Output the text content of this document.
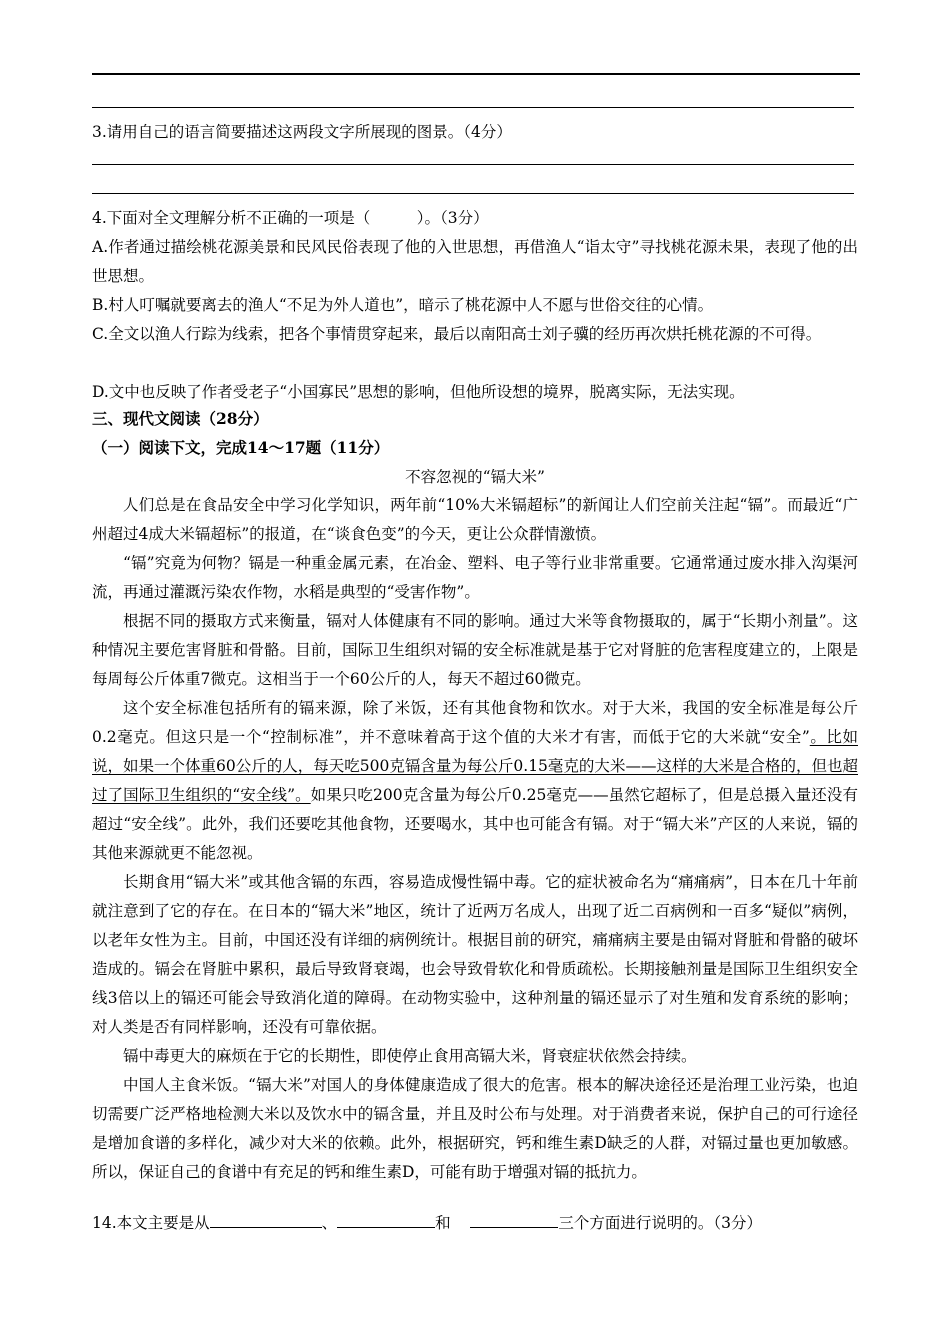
3.请用自己的语言简要描述这两段文字所展现的图景。（4分）
4.下面对全文理解分析不正确的一项是（　　　）。（3分）
A.作者通过描绘桃花源美景和民风民俗表现了他的入世思想，再借渔人“诣太守”寻找桃花源未果，表现了他的出世思想。
B.村人叮嘱就要离去的渔人“不足为外人道也”，暗示了桃花源中人不愿与世俗交往的心情。
C.全文以渔人行踪为线索，把各个事情贯穿起来，最后以南阳高士刘子骥的经历再次烘托桃花源的不可得。
D.文中也反映了作者受老子“小国寡民”思想的影响，但他所设想的境界，脱离实际，无法实现。
三、现代文阅读（28分）
（一）阅读下文，完成14～17题（11分）
不容忽视的“镉大米”
人们总是在食品安全中学习化学知识，两年前“10%大米镉超标”的新闻让人们空前关注起“镉”。而最近“广州超过4成大米镉超标”的报道，在“谈食色变”的今天，更让公众群情激愤。
“镉”究竟为何物？镉是一种重金属元素，在冶金、塑料、电子等行业非常重要。它通常通过废水排入沟渠河流，再通过灌溉污染农作物，水稻是典型的“受害作物”。
根据不同的摄取方式来衡量，镉对人体健康有不同的影响。通过大米等食物摄取的，属于“长期小剂量”。这种情况主要危害肾脏和骨骼。目前，国际卫生组织对镉的安全标准就是基于它对肾脏的危害程度建立的，上限是每周每公斤体重7微克。这相当于一个60公斤的人，每天不超过60微克。
这个安全标准包括所有的镉来源，除了米饭，还有其他食物和饮水。对于大米，我国的安全标准是每公斤0.2毫克。但这只是一个“控制标准”，并不意味着高于这个值的大米才有害，而低于它的大米就“安全”。比如说，如果一个体重60公斤的人，每天吃500克镉含量为每公斤0.15毫克的大米——这样的大米是合格的，但也超过了国际卫生组织的“安全线”。如果只吃200克含量为每公斤0.25毫克——虽然它超标了，但是总摄入量还没有超过“安全线”。此外，我们还要吃其他食物，还要喝水，其中也可能含有镉。对于“镉大米”产区的人来说，镉的其他来源就更不能忽视。
长期食用“镉大米”或其他含镉的东西，容易造成慢性镉中毒。它的症状被命名为“痛痛病”，日本在几十年前就注意到了它的存在。在日本的“镉大米”地区，统计了近两万名成人，出现了近二百病例和一百多“疑似”病例，以老年女性为主。目前，中国还没有详细的病例统计。根据目前的研究，痛痛病主要是由镉对肾脏和骨骼的破坏造成的。镉会在肾脏中累积，最后导致肾衰竭，也会导致骨软化和骨质疏松。长期接触剂量是国际卫生组织安全线3倍以上的镉还可能会导致消化道的障碍。在动物实验中，这种剂量的镉还显示了对生殖和发育系统的影响；对人类是否有同样影响，还没有可靠依据。
镉中毒更大的麻烦在于它的长期性，即使停止食用高镉大米，肾衰症状依然会持续。
中国人主食米饭。“镉大米”对国人的身体健康造成了很大的危害。根本的解决途径还是治理工业污染，也迫切需要广泛严格地检测大米以及饮水中的镉含量，并且及时公布与处理。对于消费者来说，保护自己的可行途径是增加食谱的多样化，减少对大米的依赖。此外，根据研究，钙和维生素D缺乏的人群，对镉过量也更加敏感。所以，保证自己的食谱中有充足的钙和维生素D，可能有助于增强对镉的抵抗力。
14.本文主要是从	、	和	三个方面进行说明的。（3分）
